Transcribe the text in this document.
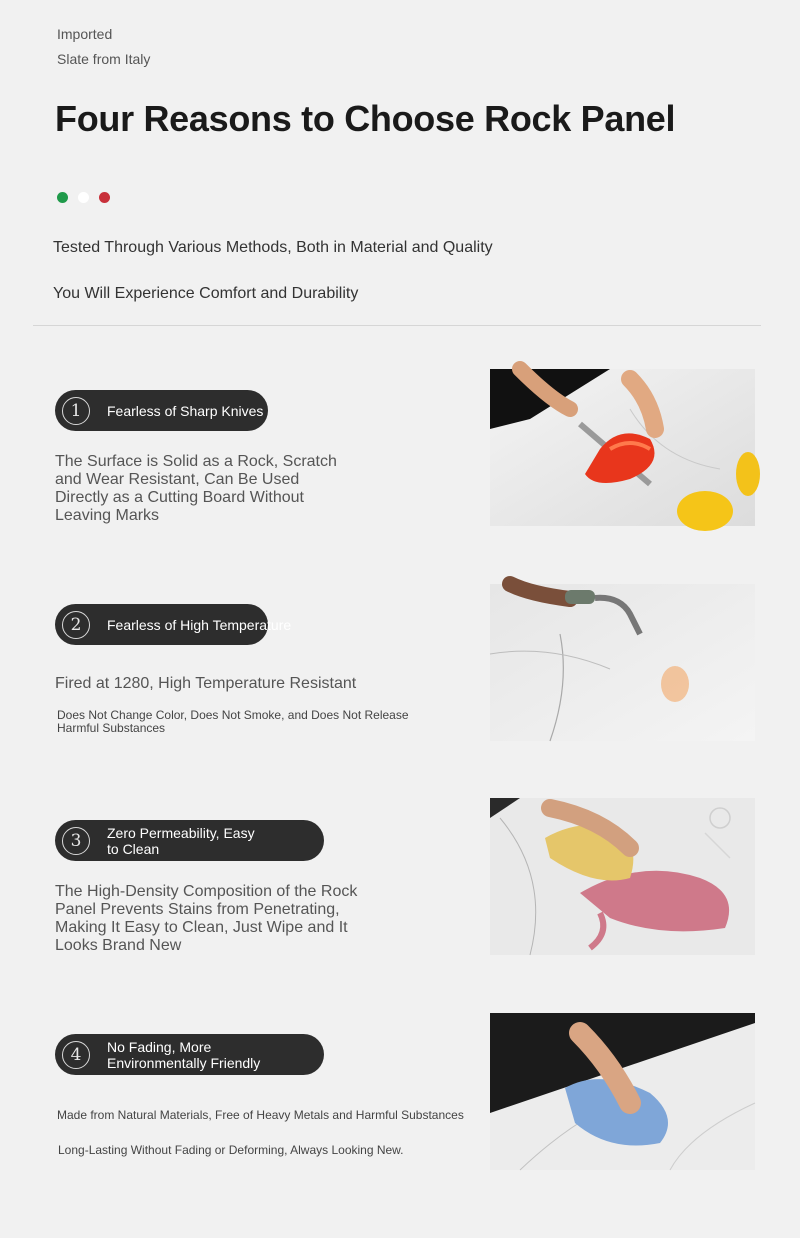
Imported
Slate from Italy
Four Reasons to Choose Rock Panel
Tested Through Various Methods, Both in Material and Quality
You Will Experience Comfort and Durability
1	Fearless of Sharp Knives
The Surface is Solid as a Rock, Scratch
and Wear Resistant, Can Be Used
Directly as a Cutting Board Without
Leaving Marks
2	Fearless of High Temperature
Fired at 1280, High Temperature Resistant
Does Not Change Color, Does Not Smoke, and Does Not Release
Harmful Substances
3	Zero Permeability, Easy
to Clean
The High-Density Composition of the Rock
Panel Prevents Stains from Penetrating,
Making It Easy to Clean, Just Wipe and It
Looks Brand New
4	No Fading, More
Environmentally Friendly
Made from Natural Materials, Free of Heavy Metals and Harmful Substances
Long-Lasting Without Fading or Deforming, Always Looking New.
